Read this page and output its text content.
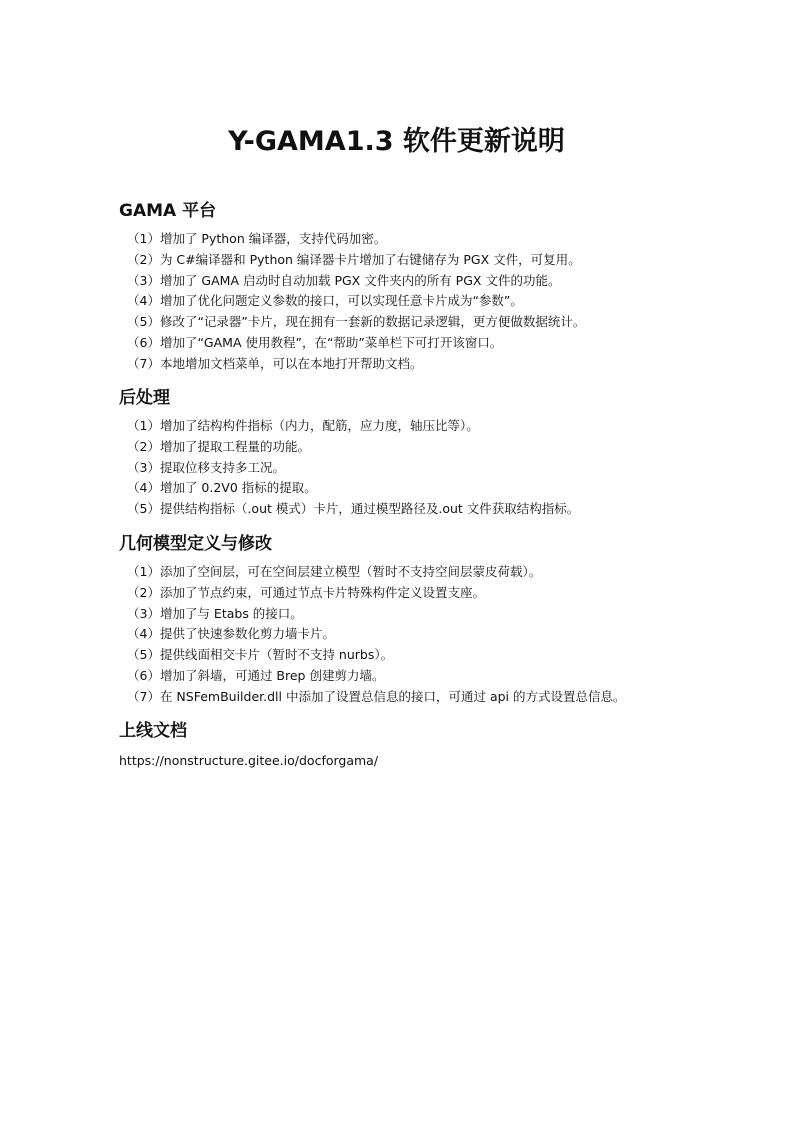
Y-GAMA1.3 软件更新说明
GAMA 平台
（1）增加了 Python 编译器，支持代码加密。
（2）为 C#编译器和 Python 编译器卡片增加了右键储存为 PGX 文件，可复用。
（3）增加了 GAMA 启动时自动加载 PGX 文件夹内的所有 PGX 文件的功能。
（4）增加了优化问题定义参数的接口，可以实现任意卡片成为“参数”。
（5）修改了“记录器”卡片，现在拥有一套新的数据记录逻辑，更方便做数据统计。
（6）增加了“GAMA 使用教程”，在“帮助”菜单栏下可打开该窗口。
（7）本地增加文档菜单，可以在本地打开帮助文档。
后处理
（1）增加了结构构件指标（内力，配筋，应力度，轴压比等）。
（2）增加了提取工程量的功能。
（3）提取位移支持多工况。
（4）增加了 0.2V0 指标的提取。
（5）提供结构指标（.out 模式）卡片，通过模型路径及.out 文件获取结构指标。
几何模型定义与修改
（1）添加了空间层，可在空间层建立模型（暂时不支持空间层蒙皮荷载）。
（2）添加了节点约束，可通过节点卡片特殊构件定义设置支座。
（3）增加了与 Etabs 的接口。
（4）提供了快速参数化剪力墙卡片。
（5）提供线面相交卡片（暂时不支持 nurbs）。
（6）增加了斜墙，可通过 Brep 创建剪力墙。
（7）在 NSFemBuilder.dll 中添加了设置总信息的接口，可通过 api 的方式设置总信息。
上线文档
https://nonstructure.gitee.io/docforgama/
